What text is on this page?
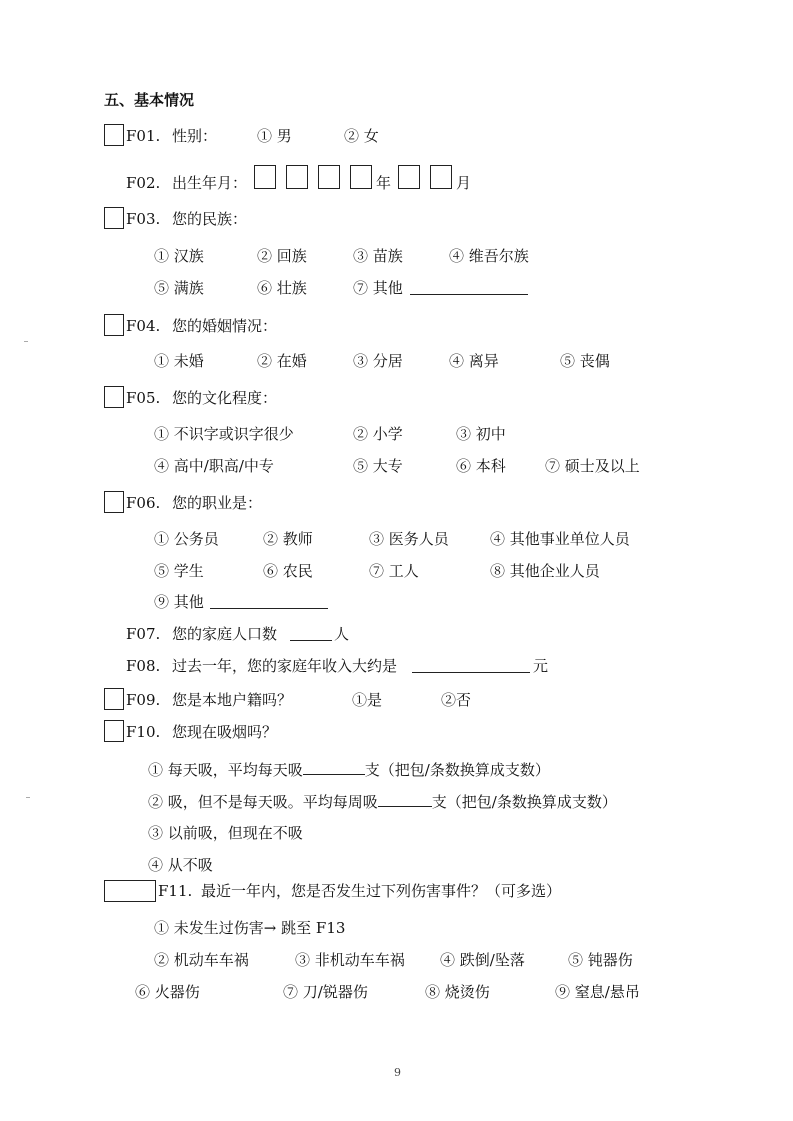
五、基本情况
F01. 性别：	① 男	② 女
F02. 出生年月：	年	月
F03. 您的民族：
① 汉族	② 回族	③ 苗族	④ 维吾尔族
⑤ 满族	⑥ 壮族	⑦ 其他
F04. 您的婚姻情况：
① 未婚	② 在婚	③ 分居	④ 离异	⑤ 丧偶
F05. 您的文化程度：
① 不识字或识字很少	② 小学	③ 初中
④ 高中/职高/中专	⑤ 大专	⑥ 本科	⑦ 硕士及以上
F06. 您的职业是：
① 公务员	② 教师	③ 医务人员	④ 其他事业单位人员
⑤ 学生	⑥ 农民	⑦ 工人	⑧ 其他企业人员
⑨ 其他
F07. 您的家庭人口数	人
F08. 过去一年，您的家庭年收入大约是	元
F09. 您是本地户籍吗？	①是	②否
F10. 您现在吸烟吗？
① 每天吸，平均每天吸	支（把包/条数换算成支数）
② 吸，但不是每天吸。平均每周吸	支（把包/条数换算成支数）
③ 以前吸，但现在不吸
④ 从不吸
F11. 最近一年内，您是否发生过下列伤害事件？（可多选）
① 未发生过伤害→ 跳至 F13
② 机动车车祸	③ 非机动车车祸 ④ 跌倒/坠落	⑤ 钝器伤
⑥ 火器伤	⑦ 刀/锐器伤	⑧ 烧烫伤	⑨ 窒息/悬吊
9
